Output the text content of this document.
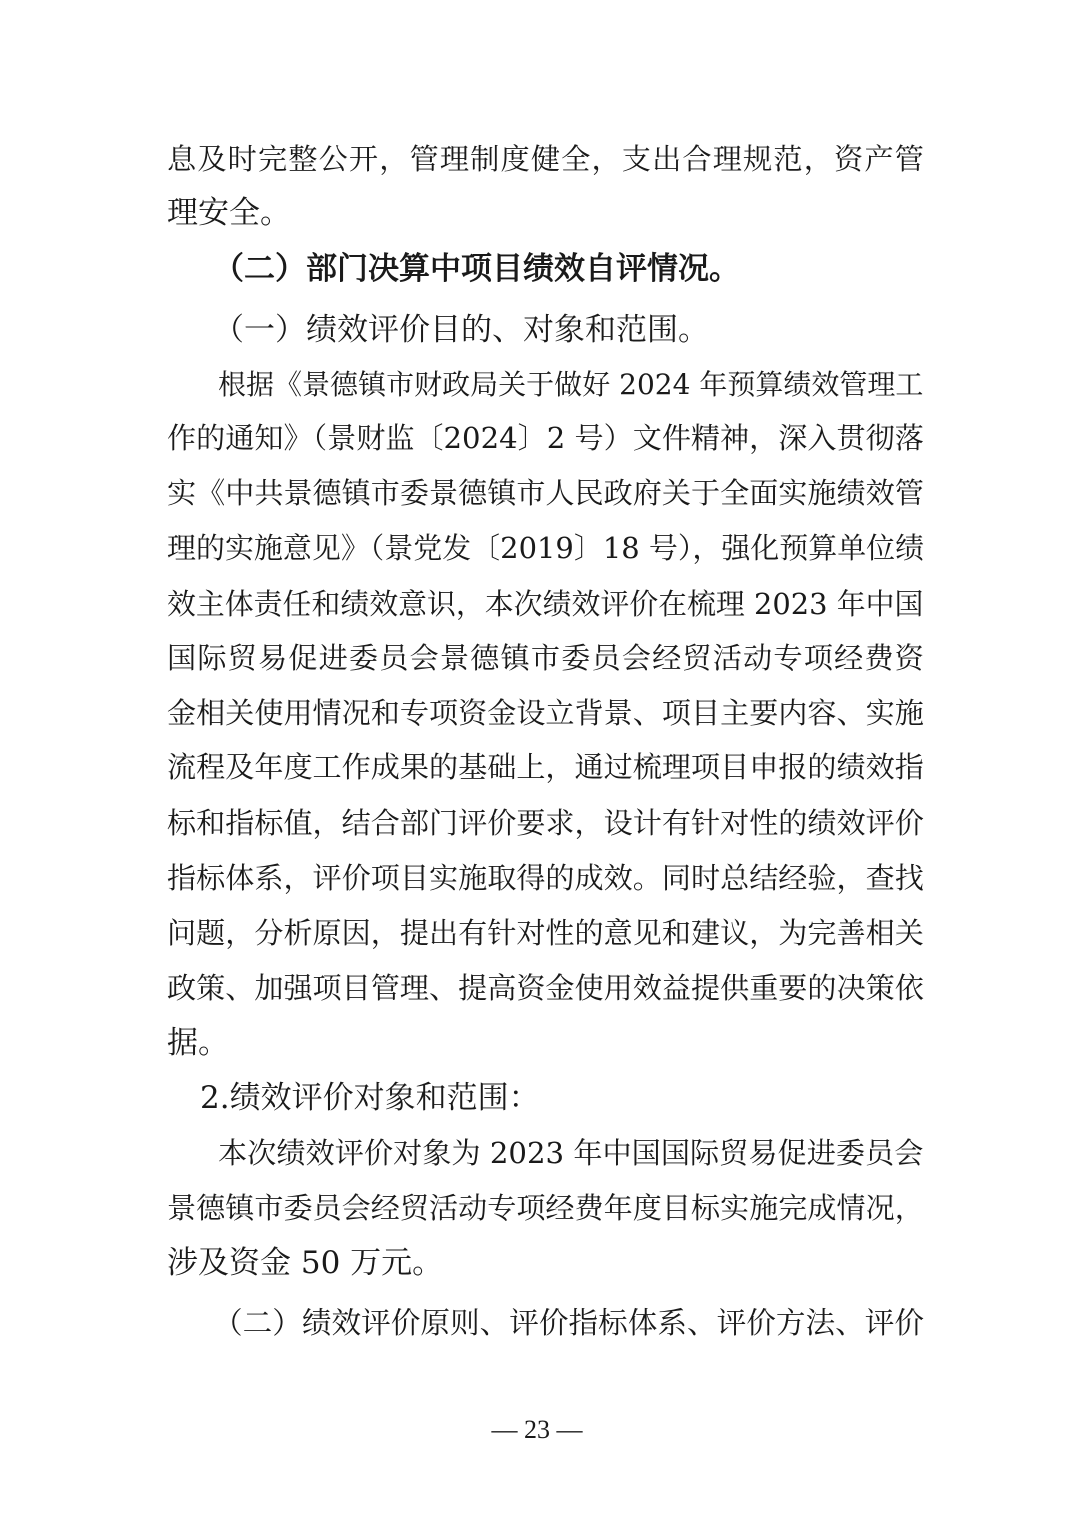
息及时完整公开，管理制度健全，支出合理规范，资产管
理安全。
（二）部门决算中项目绩效自评情况。
（一）绩效评价目的、对象和范围。
根据《景德镇市财政局关于做好 2024 年预算绩效管理工
作的通知》（景财监〔2024〕2 号）文件精神，深入贯彻落
实《中共景德镇市委景德镇市人民政府关于全面实施绩效管
理的实施意见》（景党发〔2019〕18 号），强化预算单位绩
效主体责任和绩效意识，本次绩效评价在梳理 2023 年中国
国际贸易促进委员会景德镇市委员会经贸活动专项经费资
金相关使用情况和专项资金设立背景、项目主要内容、实施
流程及年度工作成果的基础上，通过梳理项目申报的绩效指
标和指标值，结合部门评价要求，设计有针对性的绩效评价
指标体系，评价项目实施取得的成效。同时总结经验，查找
问题，分析原因，提出有针对性的意见和建议，为完善相关
政策、加强项目管理、提高资金使用效益提供重要的决策依
据。
2.绩效评价对象和范围：
本次绩效评价对象为 2023 年中国国际贸易促进委员会
景德镇市委员会经贸活动专项经费年度目标实施完成情况，
涉及资金 50 万元。
（二）绩效评价原则、评价指标体系、评价方法、评价
— 23 —
